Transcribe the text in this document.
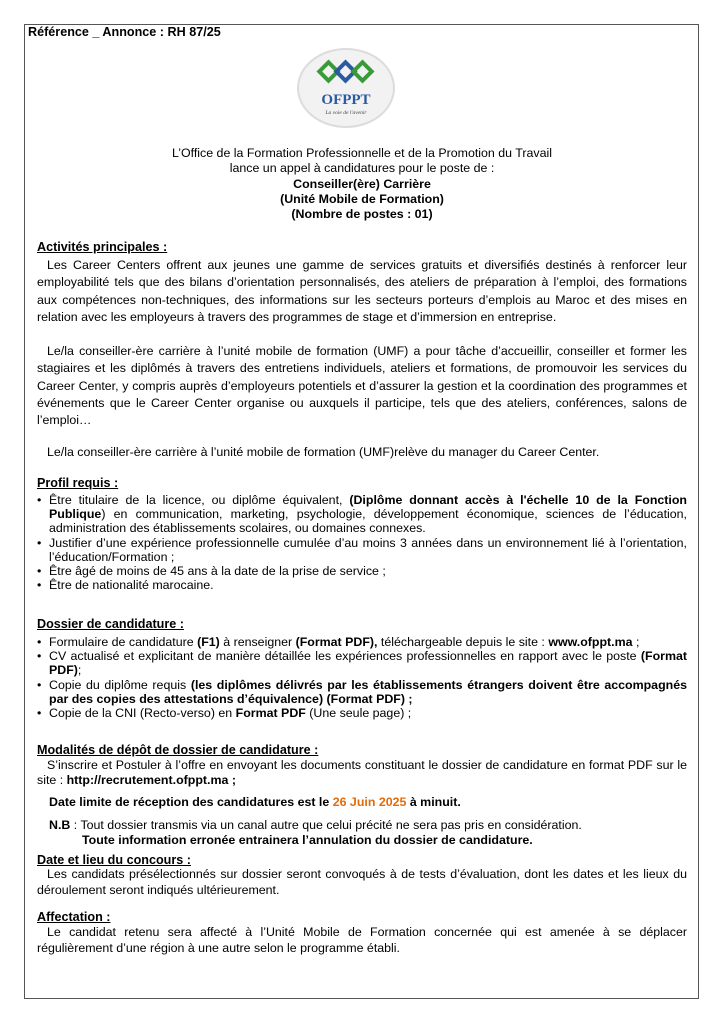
Référence _ Annonce : RH 87/25
OFPPT
La voie de l'avenir
L’Office de la Formation Professionnelle et de la Promotion du Travail
lance un appel à candidatures pour le poste de :
Conseiller(ère) Carrière
(Unité Mobile de Formation)
(Nombre de postes : 01)
Activités principales :
Les Career Centers offrent aux jeunes une gamme de services gratuits et diversifiés destinés à renforcer leur employabilité tels que des bilans d’orientation personnalisés, des ateliers de préparation à l’emploi, des formations aux compétences non-techniques, des informations sur les secteurs porteurs d’emplois au Maroc et des mises en relation avec les employeurs à travers des programmes de stage et d’immersion en entreprise.
Le/la conseiller-ère carrière à l’unité mobile de formation (UMF) a pour tâche d’accueillir, conseiller et former les stagiaires et les diplômés à travers des entretiens individuels, ateliers et formations, de promouvoir les services du Career Center, y compris auprès d’employeurs potentiels et d’assurer la gestion et la coordination des programmes et événements que le Career Center organise ou auxquels il participe, tels que des ateliers, conférences, salons de l’emploi…
Le/la conseiller-ère carrière à l’unité mobile de formation (UMF)relève du manager du Career Center.
Profil requis :
• Être titulaire de la licence, ou diplôme équivalent, (Diplôme donnant accès à l'échelle 10 de la Fonction Publique) en communication, marketing, psychologie, développement économique, sciences de l’éducation, administration des établissements scolaires, ou domaines connexes.
• Justifier d’une expérience professionnelle cumulée d’au moins 3 années dans un environnement lié à l’orientation, l’éducation/Formation ;
• Être âgé de moins de 45 ans à la date de la prise de service ;
• Être de nationalité marocaine.
Dossier de candidature :
• Formulaire de candidature (F1) à renseigner (Format PDF), téléchargeable depuis le site : www.ofppt.ma ;
• CV actualisé et explicitant de manière détaillée les expériences professionnelles en rapport avec le poste (Format PDF);
• Copie du diplôme requis (les diplômes délivrés par les établissements étrangers doivent être accompagnés par des copies des attestations d’équivalence) (Format PDF) ;
• Copie de la CNI (Recto-verso) en Format PDF (Une seule page) ;
Modalités de dépôt de dossier de candidature :
S’inscrire et Postuler à l’offre en envoyant les documents constituant le dossier de candidature en format PDF sur le site : http://recrutement.ofppt.ma ;
Date limite de réception des candidatures est le 26 Juin 2025 à minuit.
N.B : Tout dossier transmis via un canal autre que celui précité ne sera pas pris en considération.
Toute information erronée entrainera l’annulation du dossier de candidature.
Date et lieu du concours :
Les candidats présélectionnés sur dossier seront convoqués à de tests d’évaluation, dont les dates et les lieux du déroulement seront indiqués ultérieurement.
Affectation :
Le candidat retenu sera affecté à l’Unité Mobile de Formation concernée qui est amenée à se déplacer régulièrement d’une région à une autre selon le programme établi.
